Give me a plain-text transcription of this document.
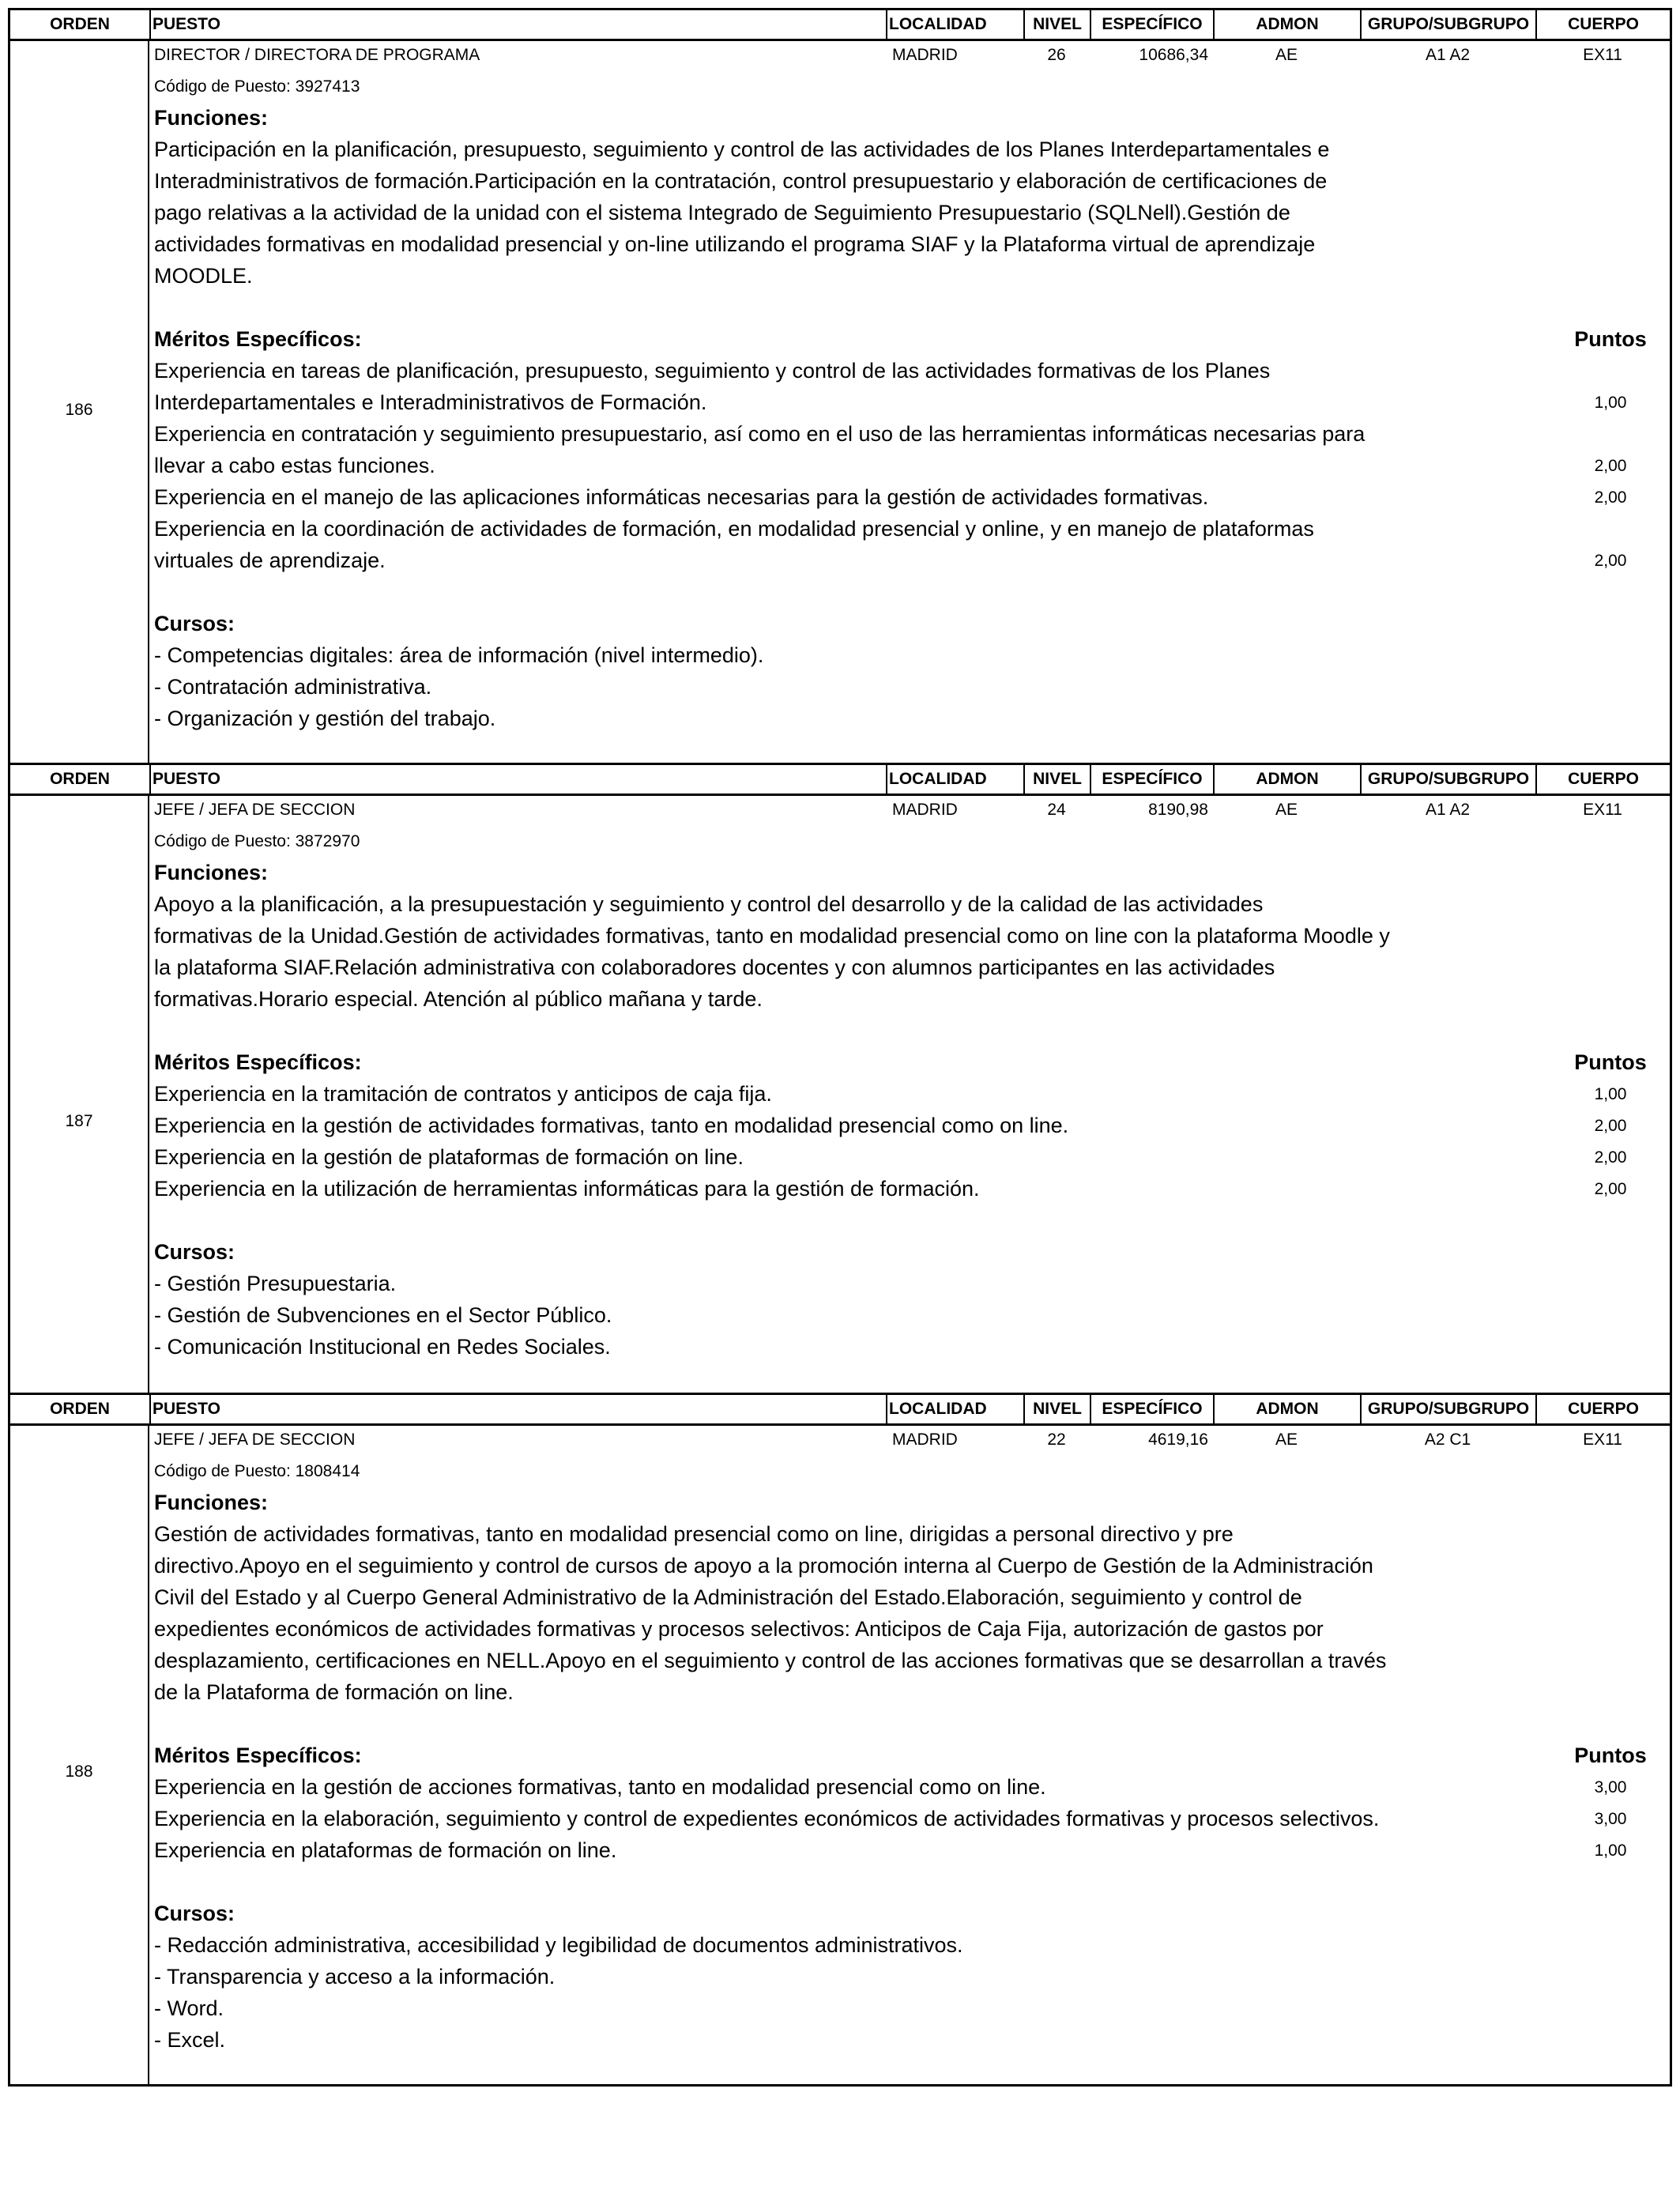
ORDEN	PUESTO	LOCALIDAD	NIVEL	ESPECÍFICO	ADMON	GRUPO/SUBGRUPO	CUERPO
186
DIRECTOR / DIRECTORA DE PROGRAMA	MADRID	26	10686,34	AE	A1 A2	EX11
Código de Puesto: 3927413
Funciones:
Participación en la planificación, presupuesto, seguimiento y control de las actividades de los Planes Interdepartamentales e
Interadministrativos de formación.Participación en la contratación, control presupuestario y elaboración de certificaciones de
pago relativas a la actividad de la unidad con el sistema Integrado de Seguimiento Presupuestario (SQLNell).Gestión de
actividades formativas en modalidad presencial y on-line utilizando el programa SIAF y la Plataforma virtual de aprendizaje
MOODLE.
Méritos Específicos:	Puntos
Experiencia en tareas de planificación, presupuesto, seguimiento y control de las actividades formativas de los Planes
Interdepartamentales e Interadministrativos de Formación.	1,00
Experiencia en contratación y seguimiento presupuestario, así como en el uso de las herramientas informáticas necesarias para
llevar a cabo estas funciones.	2,00
Experiencia en el manejo de las aplicaciones informáticas necesarias para la gestión de actividades formativas.	2,00
Experiencia en la coordinación de actividades de formación, en modalidad presencial y online, y en manejo de plataformas
virtuales de aprendizaje.	2,00
Cursos:
- Competencias digitales: área de información (nivel intermedio).
- Contratación administrativa.
- Organización y gestión del trabajo.
ORDEN	PUESTO	LOCALIDAD	NIVEL	ESPECÍFICO	ADMON	GRUPO/SUBGRUPO	CUERPO
187
JEFE / JEFA DE SECCION	MADRID	24	8190,98	AE	A1 A2	EX11
Código de Puesto: 3872970
Funciones:
Apoyo a la planificación, a la presupuestación y seguimiento y control del desarrollo y de la calidad de las actividades
formativas de la Unidad.Gestión de actividades formativas, tanto en modalidad presencial como on line con la plataforma Moodle y
la plataforma SIAF.Relación administrativa con colaboradores docentes y con alumnos participantes en las actividades
formativas.Horario especial. Atención al público mañana y tarde.
Méritos Específicos:	Puntos
Experiencia en la tramitación de contratos y anticipos de caja fija.	1,00
Experiencia en la gestión de actividades formativas, tanto en modalidad presencial como on line.	2,00
Experiencia en la gestión de plataformas de formación on line.	2,00
Experiencia en la utilización de herramientas informáticas para la gestión de formación.	2,00
Cursos:
- Gestión Presupuestaria.
- Gestión de Subvenciones en el Sector Público.
- Comunicación Institucional en Redes Sociales.
ORDEN	PUESTO	LOCALIDAD	NIVEL	ESPECÍFICO	ADMON	GRUPO/SUBGRUPO	CUERPO
188
JEFE / JEFA DE SECCION	MADRID	22	4619,16	AE	A2 C1	EX11
Código de Puesto: 1808414
Funciones:
Gestión de actividades formativas, tanto en modalidad presencial como on line, dirigidas a personal directivo y pre
directivo.Apoyo en el seguimiento y control de cursos de apoyo a la promoción interna al Cuerpo de Gestión de la Administración
Civil del Estado y al Cuerpo General Administrativo de la Administración del Estado.Elaboración, seguimiento y control de
expedientes económicos de actividades formativas y procesos selectivos: Anticipos de Caja Fija, autorización de gastos por
desplazamiento, certificaciones en NELL.Apoyo en el seguimiento y control de las acciones formativas que se desarrollan a través
de la Plataforma de formación on line.
Méritos Específicos:	Puntos
Experiencia en la gestión de acciones formativas, tanto en modalidad presencial como on line.	3,00
Experiencia en la elaboración, seguimiento y control de expedientes económicos de actividades formativas y procesos selectivos.	3,00
Experiencia en plataformas de formación on line.	1,00
Cursos:
- Redacción administrativa, accesibilidad y legibilidad de documentos administrativos.
- Transparencia y acceso a la información.
- Word.
- Excel.
